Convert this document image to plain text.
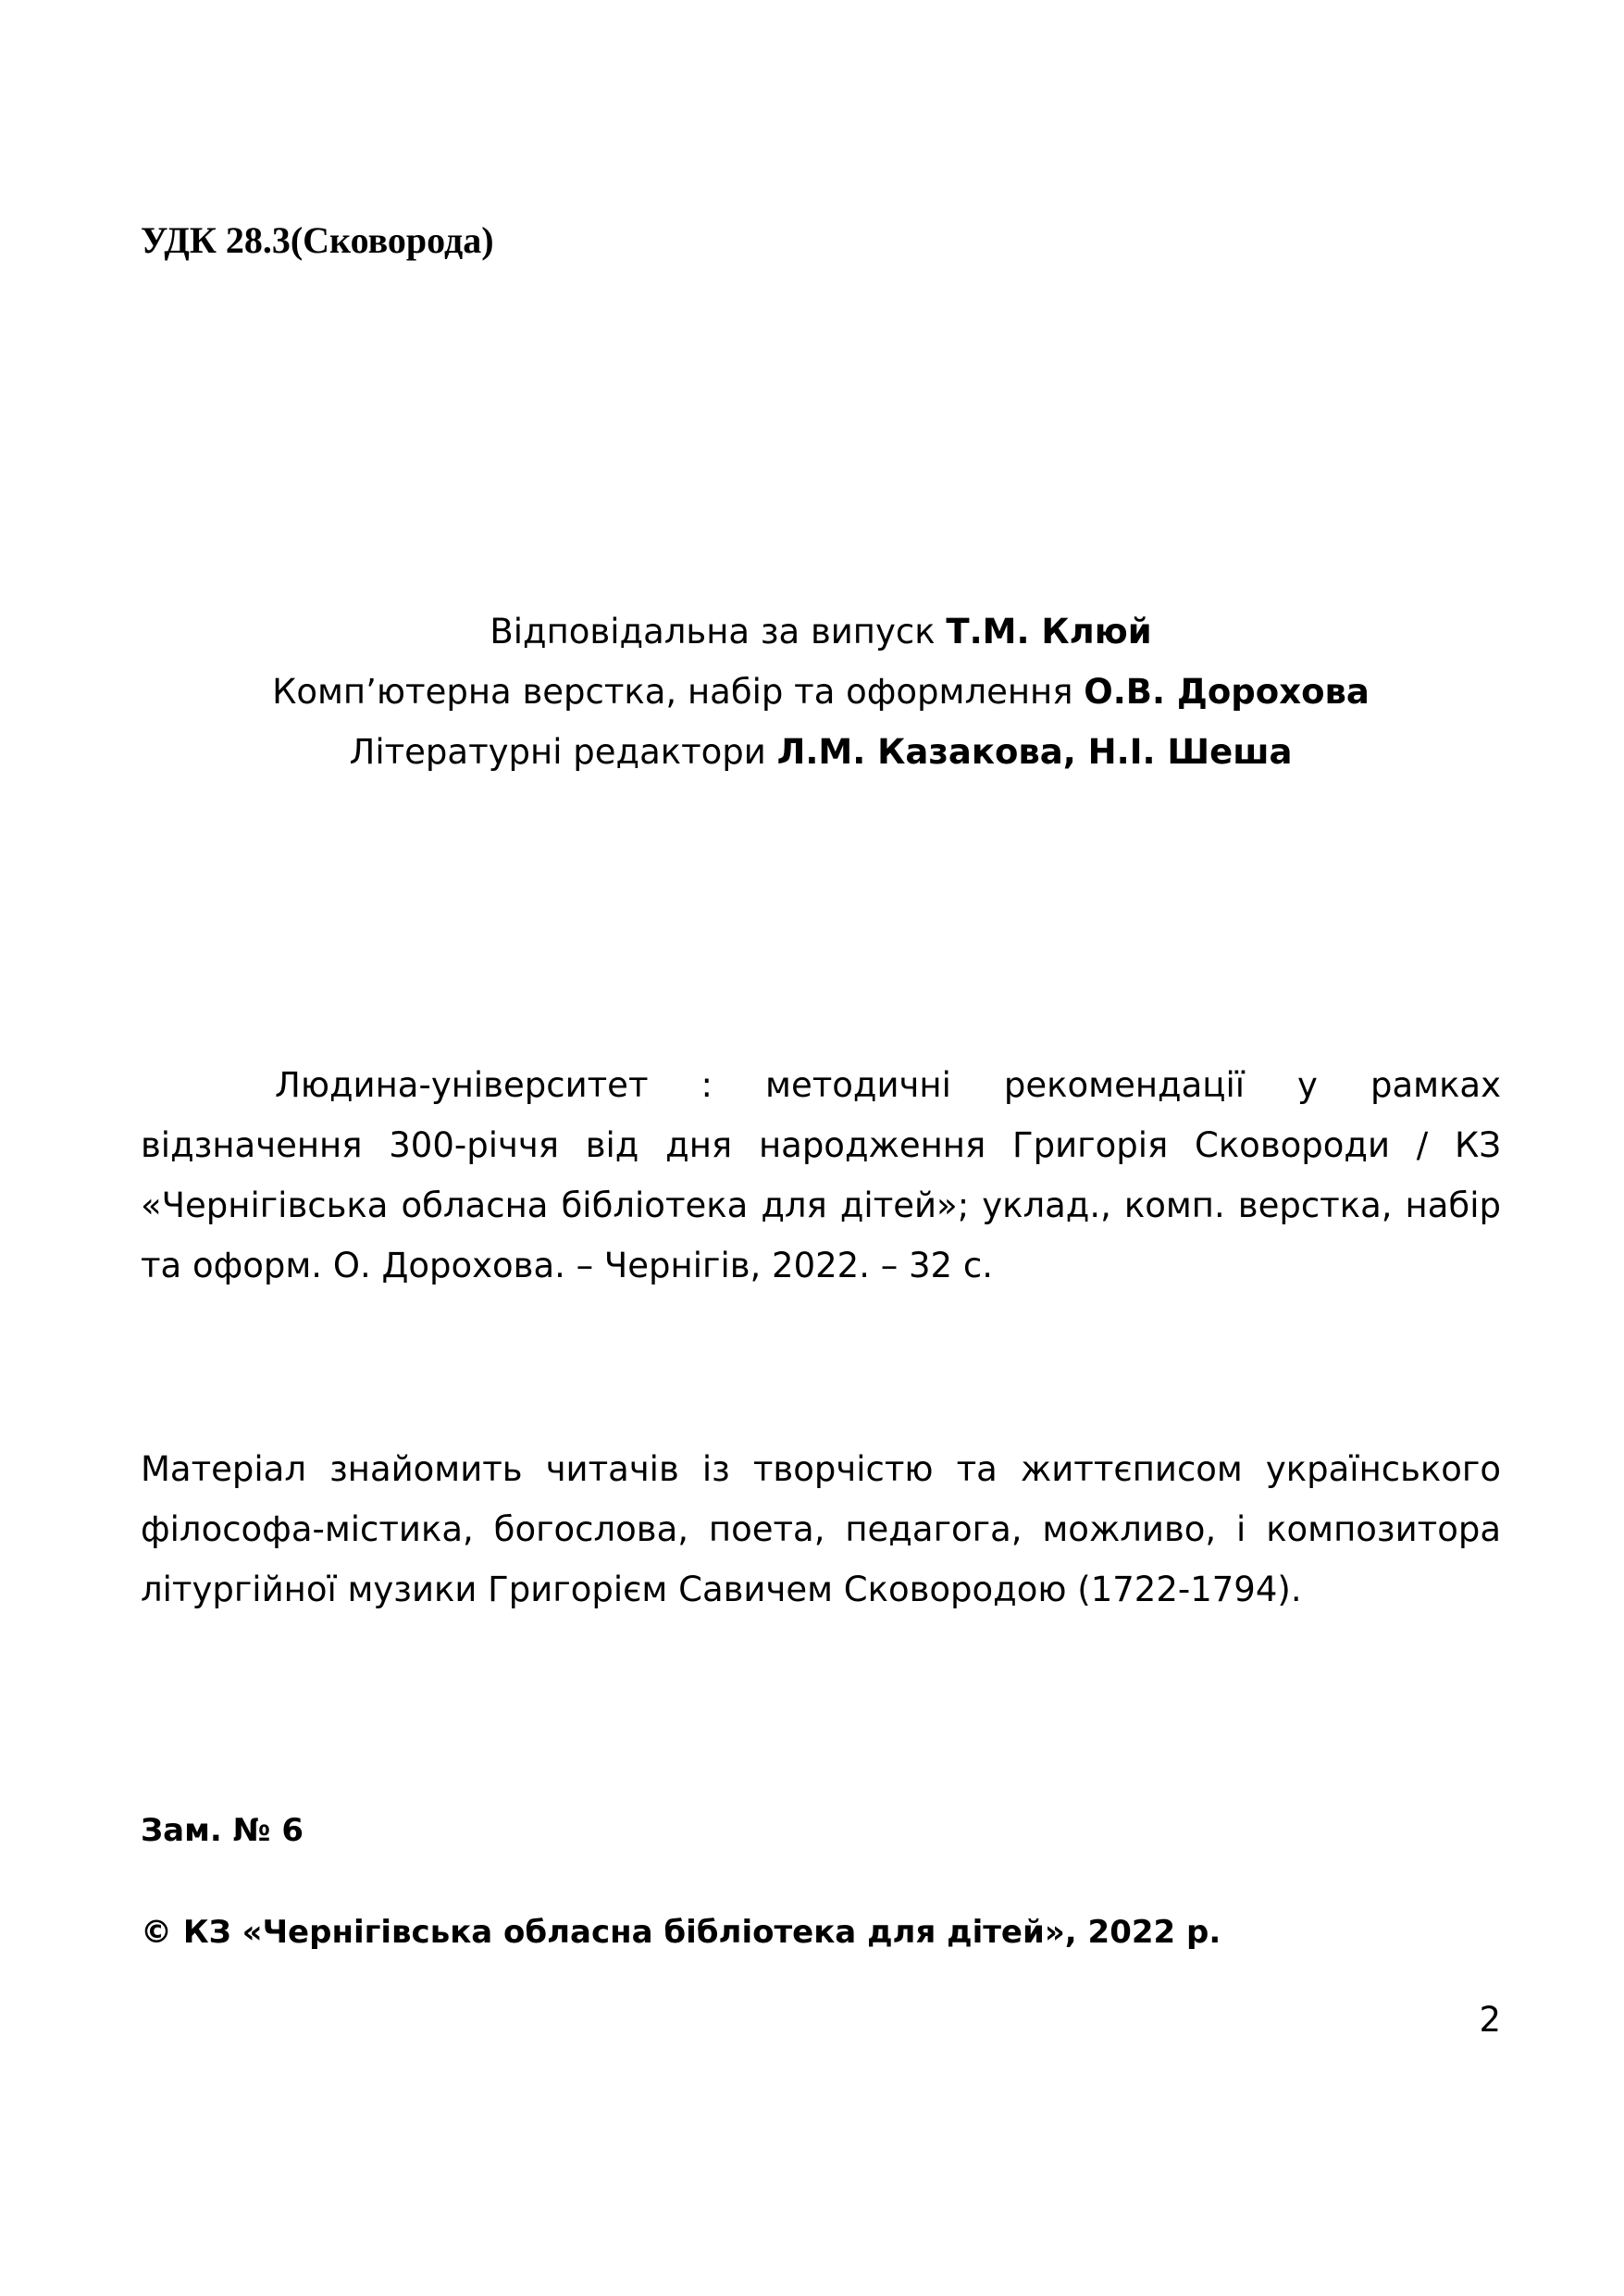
УДК 28.3(Сковорода)
Відповідальна за випуск Т.М. Клюй
Комп’ютерна верстка, набір та оформлення О.В. Дорохова
Літературні редактори Л.М. Казакова, Н.І. Шеша

Людина-університет : методичні рекомендації у рамках відзначення 300-річчя від дня народження Григорія Сковороди / КЗ «Чернігівська обласна бібліотека для дітей»; уклад., комп. верстка, набір та оформ. О. Дорохова. – Чернігів, 2022. – 32 с.

Матеріал знайомить читачів із творчістю та життєписом українського філософа-містика, богослова, поета, педагога, можливо, і композитора літургійної музики Григорієм Савичем Сковородою (1722-1794).

Зам. № 6
© КЗ «Чернігівська обласна бібліотека для дітей», 2022 р.
2
